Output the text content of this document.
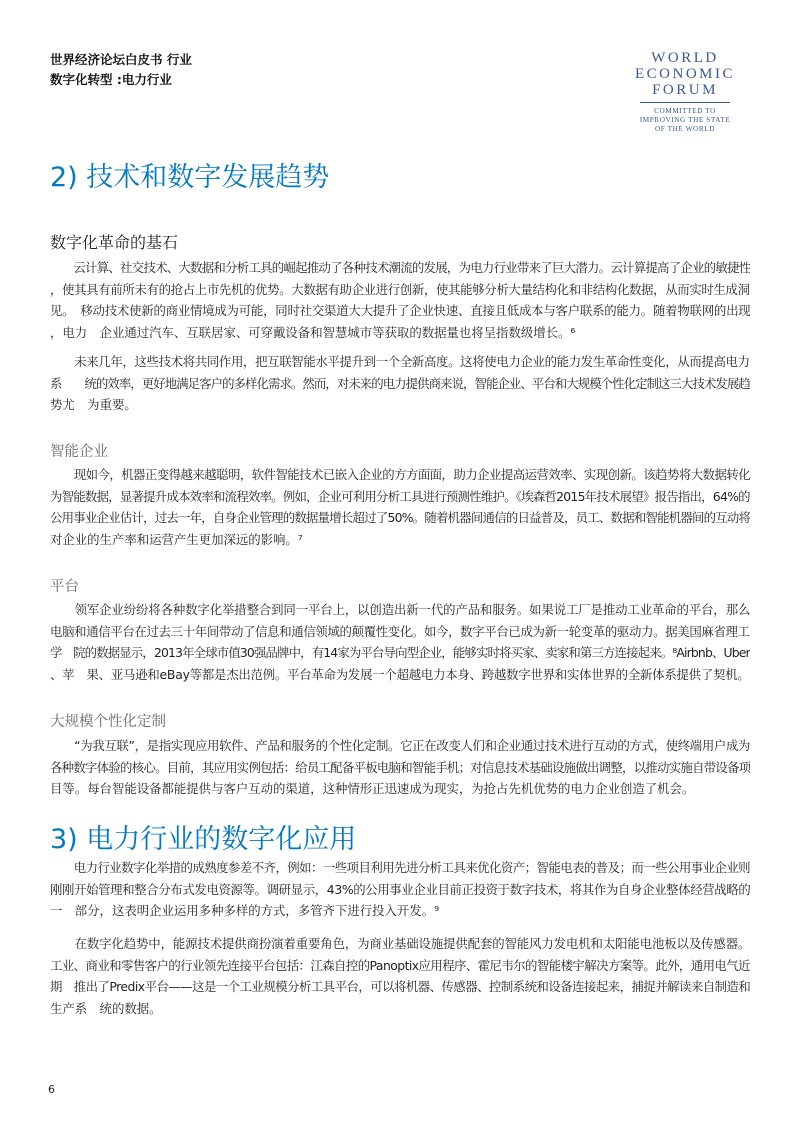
世界经济论坛白皮书 行业
数字化转型 :电力行业
WORLD
ECONOMIC
FORUM
COMMITTED TO
IMPROVING THE STATE
OF THE WORLD
2) 技术和数字发展趋势
数字化革命的基石
　　云计算、社交技术、大数据和分析工具的崛起推动了各种技术潮流的发展，为电力行业带来了巨大潜力。云计算提高了企业的敏捷性
，使其具有前所未有的抢占上市先机的优势。大数据有助企业进行创新，使其能够分析大量结构化和非结构化数据，从而实时生成洞
见。　移动技术使新的商业情境成为可能，同时社交渠道大大提升了企业快速、直接且低成本与客户联系的能力。随着物联网的出现
，电力　企业通过汽车、互联居家、可穿戴设备和智慧城市等获取的数据量也将呈指数级增长。⁶
　　未来几年，这些技术将共同作用，把互联智能水平提升到一个全新高度。这将使电力企业的能力发生革命性变化，从而提高电力
系　　统的效率，更好地满足客户的多样化需求。然而，对未来的电力提供商来说，智能企业、平台和大规模个性化定制这三大技术发展趋
势尤　为重要。
智能企业
　　现如今，机器正变得越来越聪明，软件智能技术已嵌入企业的方方面面，助力企业提高运营效率、实现创新。该趋势将大数据转化
为智能数据，显著提升成本效率和流程效率。例如，企业可利用分析工具进行预测性维护。《埃森哲2015年技术展望》报告指出，64%的
公用事业企业估计，过去一年，自身企业管理的数据量增长超过了50%。随着机器间通信的日益普及，员工、数据和智能机器间的互动将
对企业的生产率和运营产生更加深远的影响。⁷
平台
　　领军企业纷纷将各种数字化举措整合到同一平台上，以创造出新一代的产品和服务。如果说工厂是推动工业革命的平台，那么
电脑和通信平台在过去三十年间带动了信息和通信领域的颠覆性变化。如今，数字平台已成为新一轮变革的驱动力。据美国麻省理工
学　院的数据显示，2013年全球市值30强品牌中，有14家为平台导向型企业，能够实时将买家、卖家和第三方连接起来。⁸Airbnb、Uber
、苹　果、亚马逊和eBay等都是杰出范例。平台革命为发展一个超越电力本身、跨越数字世界和实体世界的全新体系提供了契机。
大规模个性化定制
　　“为我互联”，是指实现应用软件、产品和服务的个性化定制。它正在改变人们和企业通过技术进行互动的方式，使终端用户成为
各种数字体验的核心。目前，其应用实例包括：给员工配备平板电脑和智能手机；对信息技术基础设施做出调整，以推动实施自带设备项
目等。每台智能设备都能提供与客户互动的渠道，这种情形正迅速成为现实，为抢占先机优势的电力企业创造了机会。
3) 电力行业的数字化应用
　　电力行业数字化举措的成熟度参差不齐，例如：一些项目利用先进分析工具来优化资产；智能电表的普及；而一些公用事业企业则
刚刚开始管理和整合分布式发电资源等。调研显示，43%的公用事业企业目前正投资于数字技术，将其作为自身企业整体经营战略的
一　部分，这表明企业运用多种多样的方式，多管齐下进行投入开发。⁹
　　在数字化趋势中，能源技术提供商扮演着重要角色，为商业基础设施提供配套的智能风力发电机和太阳能电池板以及传感器。
工业、商业和零售客户的行业领先连接平台包括：江森自控的Panoptix应用程序、霍尼韦尔的智能楼宇解决方案等。此外，通用电气近
期　推出了Predix平台——这是一个工业规模分析工具平台，可以将机器、传感器、控制系统和设备连接起来，捕捉并解读来自制造和
生产系　统的数据。
6
